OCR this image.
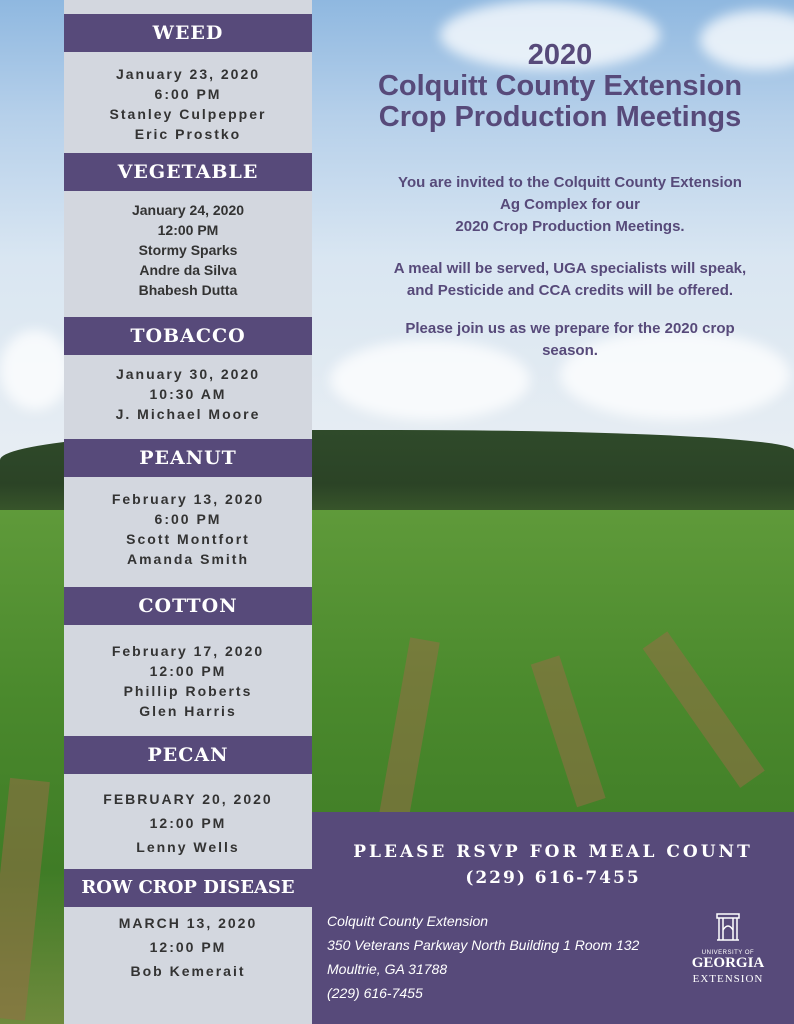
WEED
January 23, 2020
6:00 PM
Stanley Culpepper
Eric Prostko
VEGETABLE
January 24, 2020
12:00 PM
Stormy Sparks
Andre da Silva
Bhabesh Dutta
TOBACCO
January 30, 2020
10:30 AM
J. Michael Moore
PEANUT
February 13, 2020
6:00 PM
Scott Montfort
Amanda Smith
COTTON
February 17, 2020
12:00 PM
Phillip Roberts
Glen Harris
PECAN
FEBRUARY 20, 2020
12:00 PM
Lenny Wells
ROW CROP DISEASE
MARCH 13, 2020
12:00 PM
Bob Kemerait
2020
Colquitt County Extension
Crop Production Meetings
You are invited to the Colquitt County Extension
Ag Complex for our
2020 Crop Production Meetings.
A meal will be served, UGA specialists will speak,
and Pesticide and CCA credits will be offered.
Please join us as we prepare for the 2020 crop
season.
PLEASE RSVP FOR MEAL COUNT
(229) 616-7455
Colquitt County Extension
350 Veterans Parkway North Building 1 Room 132
Moultrie, GA 31788
(229) 616-7455
UNIVERSITY OF
GEORGIA
EXTENSION
